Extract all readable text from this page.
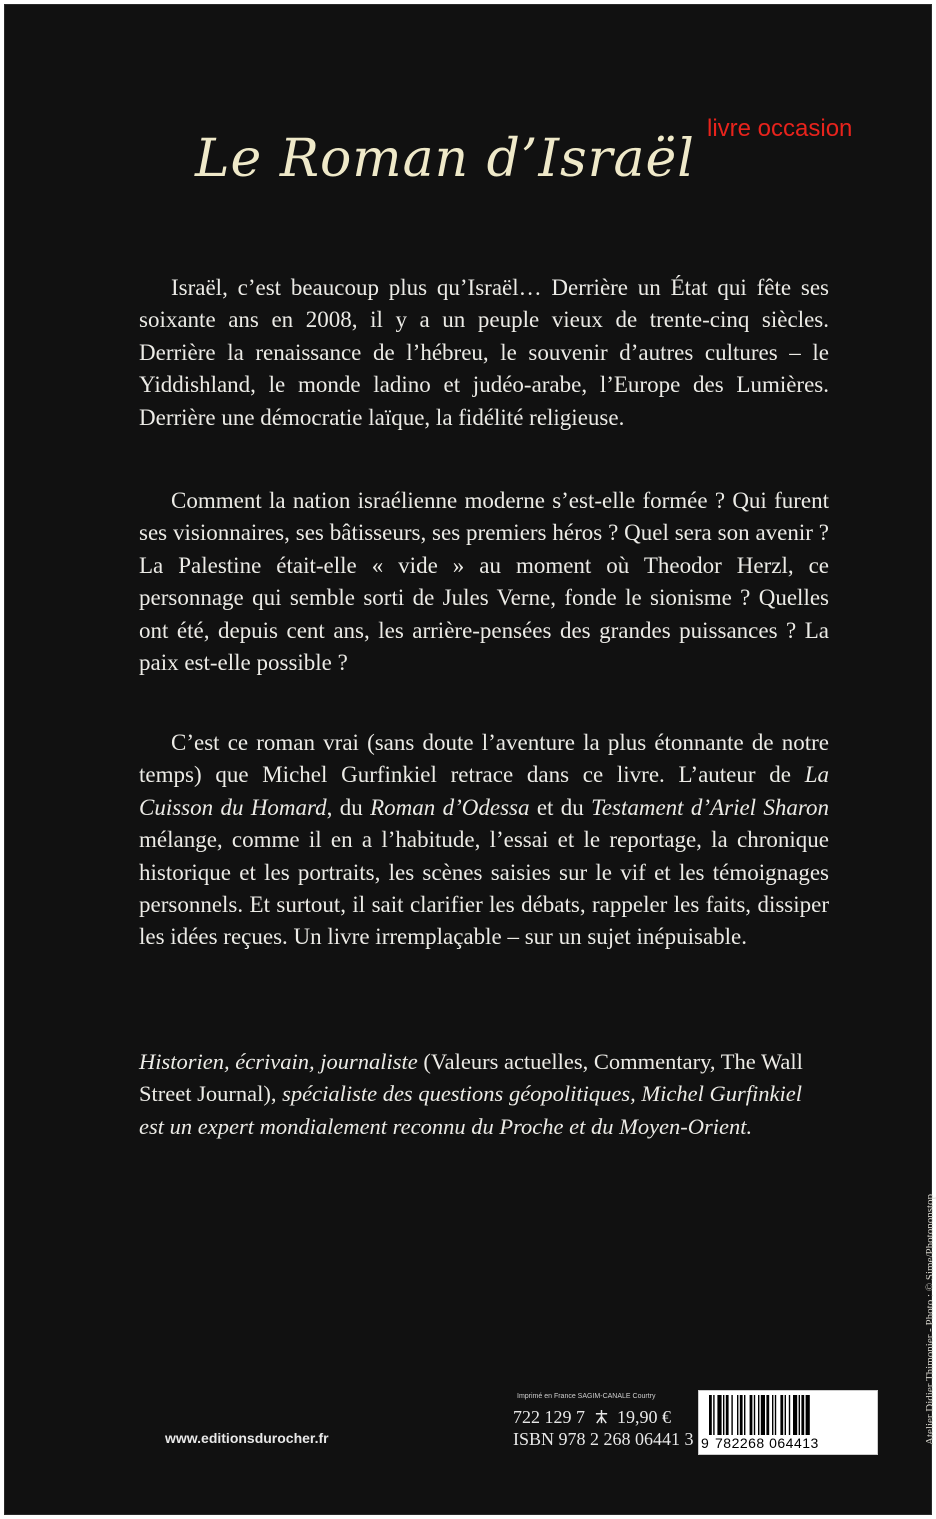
livre occasion
Le Roman d’Israël

Israël, c’est beaucoup plus qu’Israël… Derrière un État qui fête ses soixante ans en 2008, il y a un peuple vieux de trente-cinq siècles. Derrière la renaissance de l’hébreu, le souvenir d’autres cultures – le Yiddishland, le monde ladino et judéo-arabe, l’Europe des Lumières. Derrière une démocratie laïque, la fidélité religieuse.

Comment la nation israélienne moderne s’est-elle formée ? Qui furent ses visionnaires, ses bâtisseurs, ses premiers héros ? Quel sera son avenir ? La Palestine était-elle « vide » au moment où Theodor Herzl, ce personnage qui semble sorti de Jules Verne, fonde le sionisme ? Quelles ont été, depuis cent ans, les arrière-pensées des grandes puissances ? La paix est-elle possible ?

C’est ce roman vrai (sans doute l’aventure la plus étonnante de notre temps) que Michel Gurfinkiel retrace dans ce livre. L’auteur de La Cuisson du Homard, du Roman d’Odessa et du Testament d’Ariel Sharon mélange, comme il en a l’habitude, l’essai et le reportage, la chronique historique et les portraits, les scènes saisies sur le vif et les témoignages personnels. Et surtout, il sait clarifier les débats, rappeler les faits, dissiper les idées reçues. Un livre irremplaçable – sur un sujet inépuisable.

Historien, écrivain, journaliste (Valeurs actuelles, Commentary, The Wall Street Journal), spécialiste des questions géopolitiques, Michel Gurfinkiel est un expert mondialement reconnu du Proche et du Moyen-Orient.

Atelier Didier Thimonier - Photo : © Sime/Photononstop
www.editionsdurocher.fr
Imprimé en France SAGIM-CANALE Courtry
722 129 7 19,90 €
ISBN 978 2 268 06441 3 9 782268 064413
